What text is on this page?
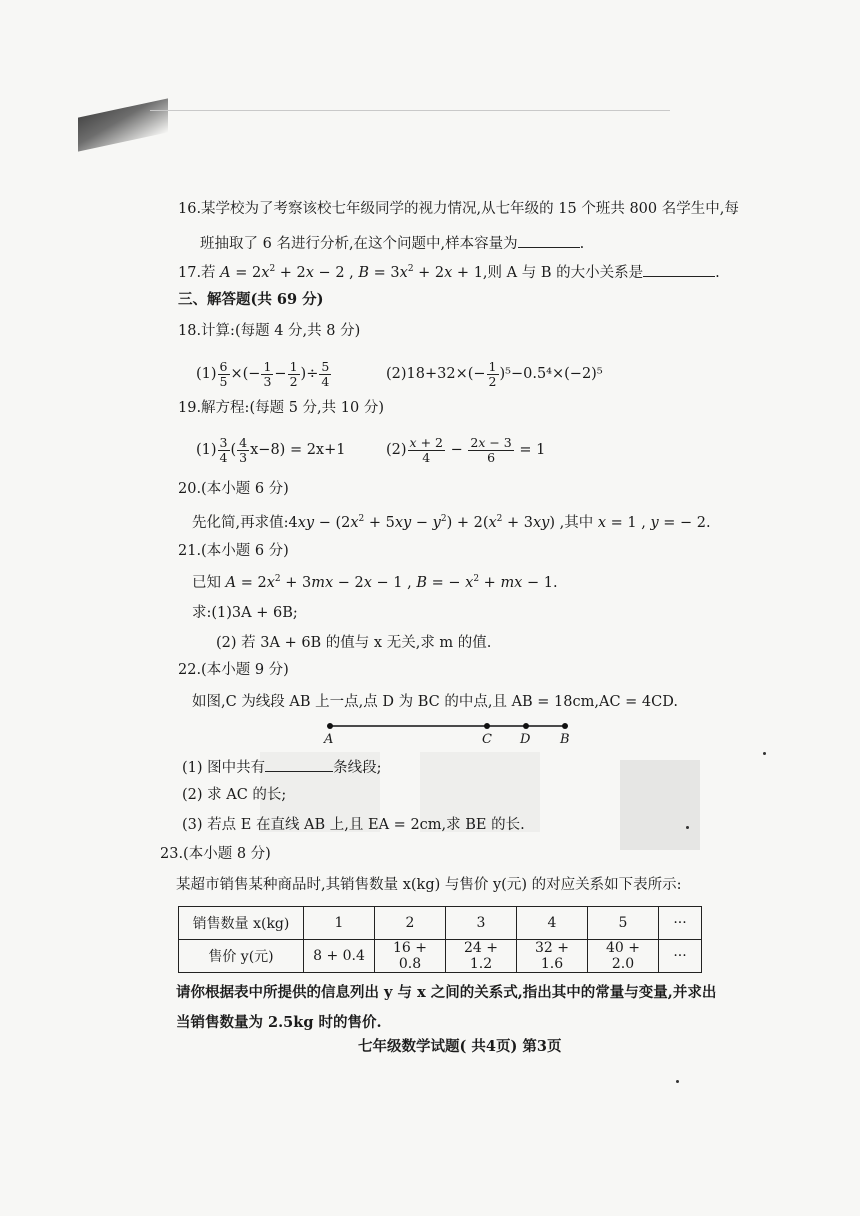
16.某学校为了考察该校七年级同学的视力情况,从七年级的 15 个班共 800 名学生中,每
班抽取了 6 名进行分析,在这个问题中,样本容量为	.
17.若 $A = 2x^2 + 2x - 2$ , $B = 3x^2 + 2x + 1$,则 A 与 B 的大小关系是	.
三、解答题(共 69 分)
18.计算:(每题 4 分,共 8 分)
$(1) \frac{6}{5}$ ×(− $\frac{1}{3} - \frac{1}{2}$ )÷ $\frac{5}{4}$	$(2)18+32\times(- \frac{1}{2} )^5-0.5^4\times(-2)^5$
19.解方程:(每题 5 分,共 10 分)
$(1) \frac{3}{4}$ ( $\frac{4}{3} x-8) = 2x+1$	$(2) \frac{x + 2}{4} - \frac{2x - 3}{6} = 1$
20.(本小题 6 分)
先化简,再求值:4xy − $(2x^2 + 5xy - y^2) + 2(x^2 + 3xy)$ ,其中 x = 1 , y = − 2.
21.(本小题 6 分)
已知 $A = 2x^2 + 3mx - 2x - 1$ , B = − $x^2$ + mx − 1.
求:(1)3A + 6B;
(2) 若 3A + 6B 的值与 x 无关,求 m 的值.
22.(本小题 9 分)
如图,C 为线段 AB 上一点,点 D 为 BC 的中点,且 AB = 18cm,AC = 4CD.
A	C D B
(1) 图中共有	条线段;
(2) 求 AC 的长;
(3) 若点 E 在直线 AB 上,且 EA = 2cm,求 BE 的长.
23.(本小题 8 分)
某超市销售某种商品时,其销售数量 x(kg) 与售价 y(元) 的对应关系如下表所示:
销售数量 x(kg)	1	2	3	4	5	···
售价 y(元)	8 + 0.4	16 + 0.8	24 + 1.2	32 + 1.6	40 + 2.0	···
请你根据表中所提供的信息列出 y 与 x 之间的关系式,指出其中的常量与变量,并求出
当销售数量为 2.5kg 时的售价.
七年级数学试题( 共4页) 第3页
